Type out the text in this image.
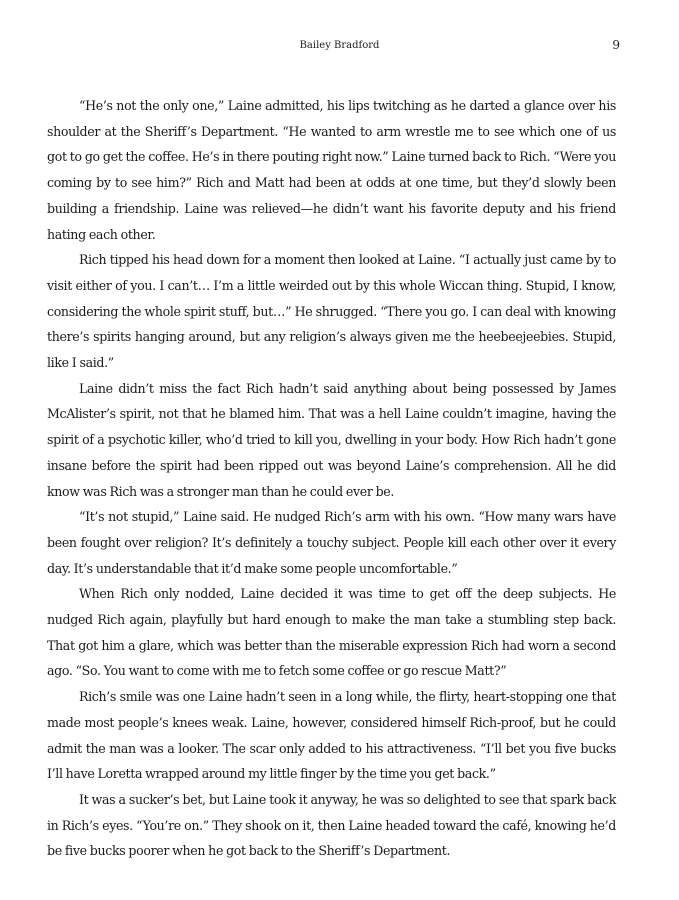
Bailey Bradford	9

“He’s not the only one,” Laine admitted, his lips twitching as he darted a glance over his shoulder at the Sheriff’s Department. “He wanted to arm wrestle me to see which one of us got to go get the coffee. He’s in there pouting right now.” Laine turned back to Rich. “Were you coming by to see him?” Rich and Matt had been at odds at one time, but they’d slowly been building a friendship. Laine was relieved—he didn’t want his favorite deputy and his friend hating each other.

Rich tipped his head down for a moment then looked at Laine. “I actually just came by to visit either of you. I can’t… I’m a little weirded out by this whole Wiccan thing. Stupid, I know, considering the whole spirit stuff, but…” He shrugged. “There you go. I can deal with knowing there’s spirits hanging around, but any religion’s always given me the heebeejeebies. Stupid, like I said.”

Laine didn’t miss the fact Rich hadn’t said anything about being possessed by James McAlister’s spirit, not that he blamed him. That was a hell Laine couldn’t imagine, having the spirit of a psychotic killer, who’d tried to kill you, dwelling in your body. How Rich hadn’t gone insane before the spirit had been ripped out was beyond Laine’s comprehension. All he did know was Rich was a stronger man than he could ever be.

“It’s not stupid,” Laine said. He nudged Rich’s arm with his own. “How many wars have been fought over religion? It’s definitely a touchy subject. People kill each other over it every day. It’s understandable that it’d make some people uncomfortable.”

When Rich only nodded, Laine decided it was time to get off the deep subjects. He nudged Rich again, playfully but hard enough to make the man take a stumbling step back. That got him a glare, which was better than the miserable expression Rich had worn a second ago. “So. You want to come with me to fetch some coffee or go rescue Matt?”

Rich’s smile was one Laine hadn’t seen in a long while, the flirty, heart-stopping one that made most people’s knees weak. Laine, however, considered himself Rich-proof, but he could admit the man was a looker. The scar only added to his attractiveness. “I’ll bet you five bucks I’ll have Loretta wrapped around my little finger by the time you get back.”

It was a sucker’s bet, but Laine took it anyway, he was so delighted to see that spark back in Rich’s eyes. “You’re on.” They shook on it, then Laine headed toward the café, knowing he’d be five bucks poorer when he got back to the Sheriff’s Department.
